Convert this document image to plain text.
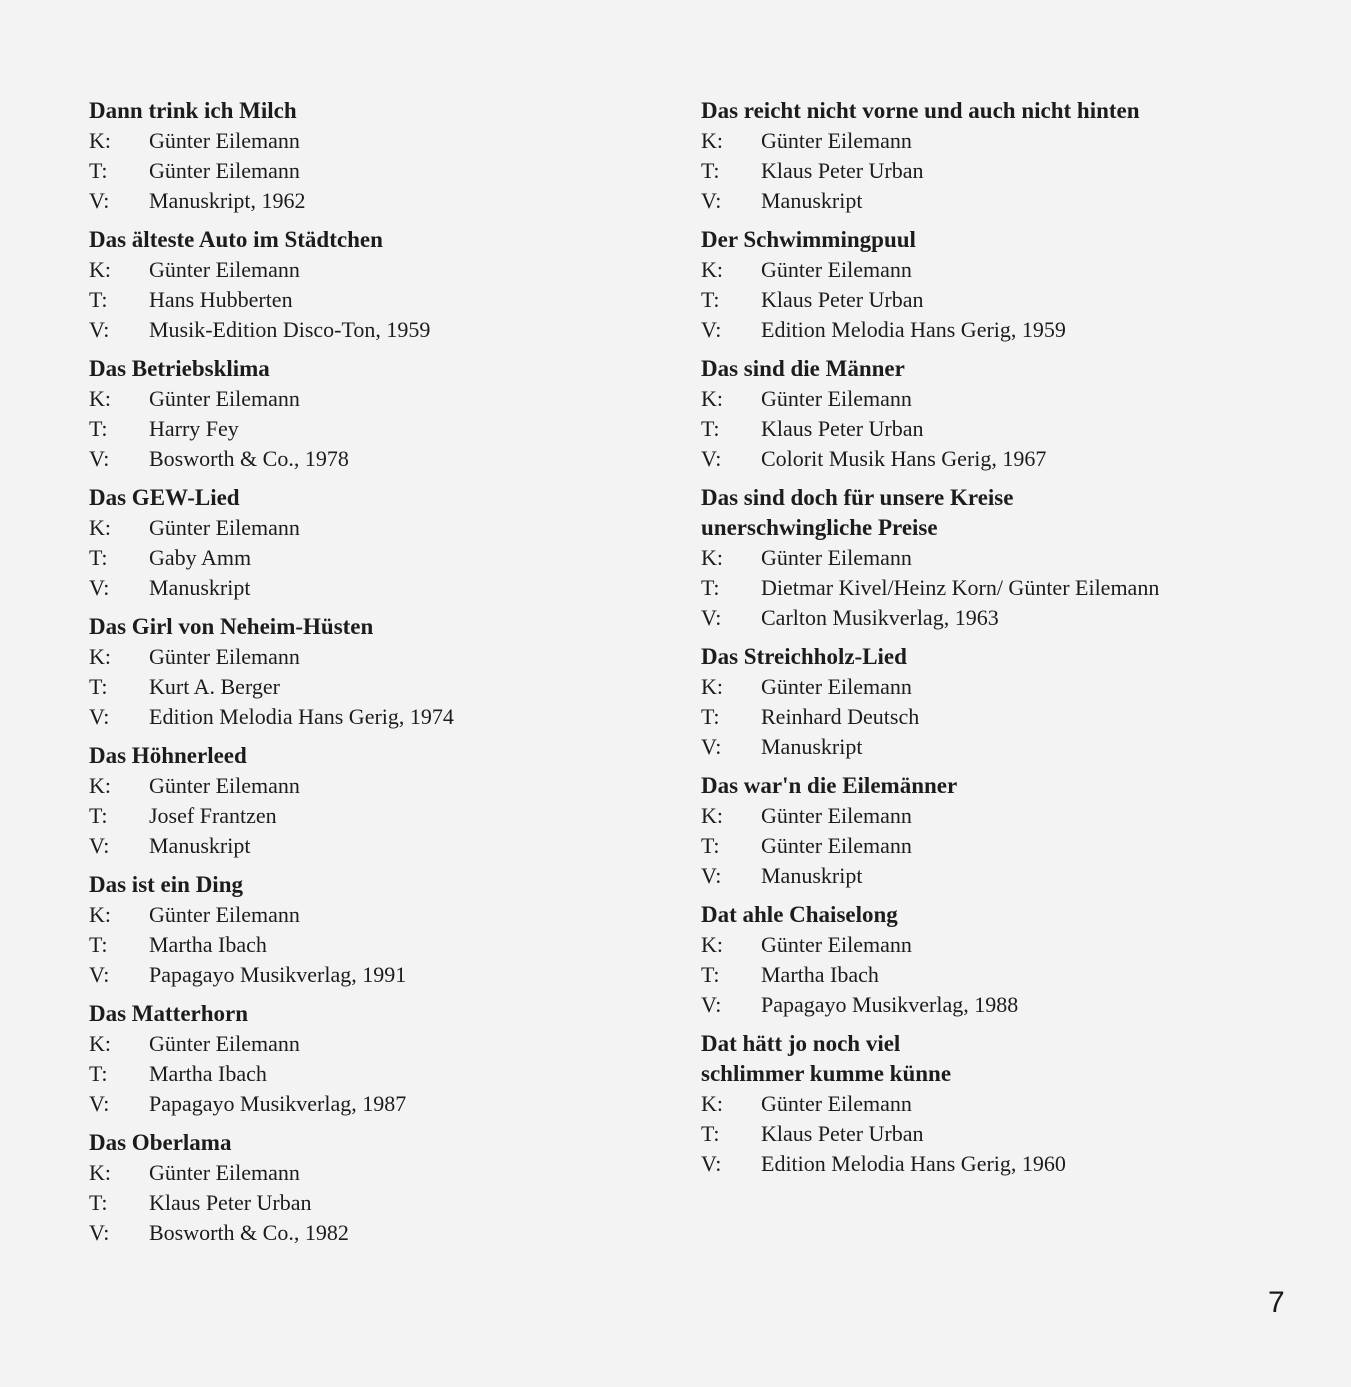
Dann trink ich Milch
K:	Günter Eilemann
T:	Günter Eilemann
V:	Manuskript, 1962
Das älteste Auto im Städtchen
K:	Günter Eilemann
T:	Hans Hubberten
V:	Musik-Edition Disco-Ton, 1959
Das Betriebsklima
K:	Günter Eilemann
T:	Harry Fey
V:	Bosworth & Co., 1978
Das GEW-Lied
K:	Günter Eilemann
T:	Gaby Amm
V:	Manuskript
Das Girl von Neheim-Hüsten
K:	Günter Eilemann
T:	Kurt A. Berger
V:	Edition Melodia Hans Gerig, 1974
Das Höhnerleed
K:	Günter Eilemann
T:	Josef Frantzen
V:	Manuskript
Das ist ein Ding
K:	Günter Eilemann
T:	Martha Ibach
V:	Papagayo Musikverlag, 1991
Das Matterhorn
K:	Günter Eilemann
T:	Martha Ibach
V:	Papagayo Musikverlag, 1987
Das Oberlama
K:	Günter Eilemann
T:	Klaus Peter Urban
V:	Bosworth & Co., 1982
Das reicht nicht vorne und auch nicht hinten
K:	Günter Eilemann
T:	Klaus Peter Urban
V:	Manuskript
Der Schwimmingpuul
K:	Günter Eilemann
T:	Klaus Peter Urban
V:	Edition Melodia Hans Gerig, 1959
Das sind die Männer
K:	Günter Eilemann
T:	Klaus Peter Urban
V:	Colorit Musik Hans Gerig, 1967
Das sind doch für unsere Kreise
unerschwingliche Preise
K:	Günter Eilemann
T:	Dietmar Kivel/Heinz Korn/ Günter Eilemann
V:	Carlton Musikverlag, 1963
Das Streichholz-Lied
K:	Günter Eilemann
T:	Reinhard Deutsch
V:	Manuskript
Das war'n die Eilemänner
K:	Günter Eilemann
T:	Günter Eilemann
V:	Manuskript
Dat ahle Chaiselong
K:	Günter Eilemann
T:	Martha Ibach
V:	Papagayo Musikverlag, 1988
Dat hätt jo noch viel
schlimmer kumme künne
K:	Günter Eilemann
T:	Klaus Peter Urban
V:	Edition Melodia Hans Gerig, 1960
7
